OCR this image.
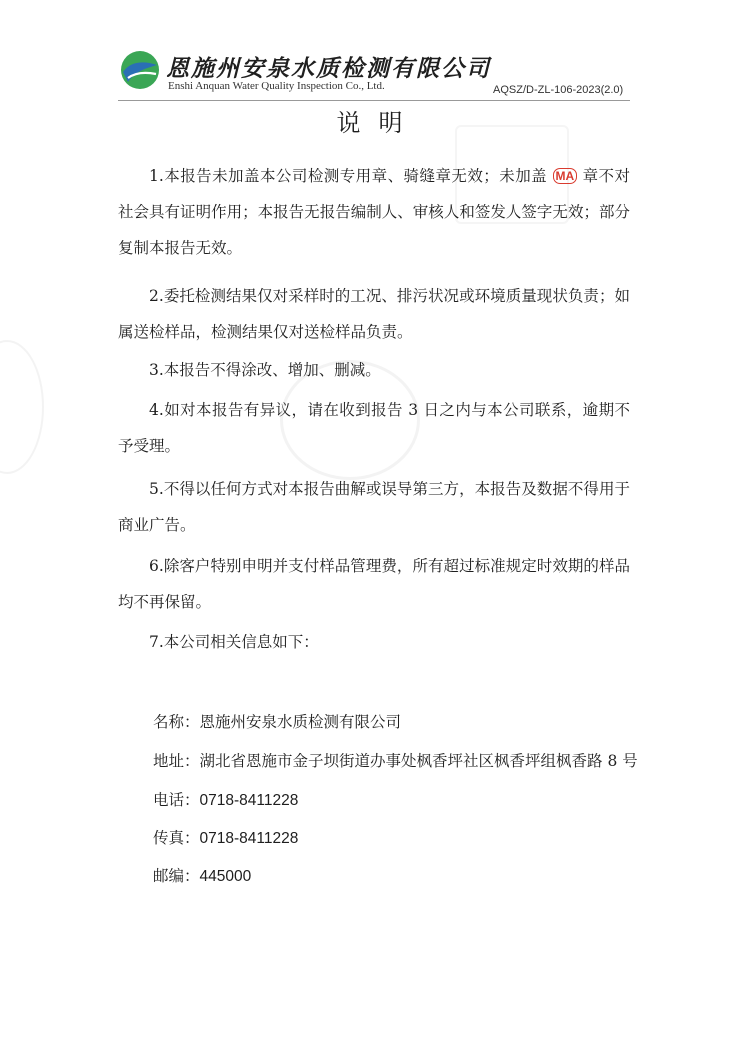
恩施州安泉水质检测有限公司
Enshi Anquan Water Quality Inspection Co., Ltd.	AQSZ/D-ZL-106-2023(2.0)
说明
1.本报告未加盖本公司检测专用章、骑缝章无效；未加盖 MA 章不对社会具有证明作用；本报告无报告编制人、审核人和签发人签字无效；部分复制本报告无效。
2.委托检测结果仅对采样时的工况、排污状况或环境质量现状负责；如属送检样品，检测结果仅对送检样品负责。
3.本报告不得涂改、增加、删减。
4.如对本报告有异议，请在收到报告 3 日之内与本公司联系，逾期不予受理。
5.不得以任何方式对本报告曲解或误导第三方，本报告及数据不得用于商业广告。
6.除客户特别申明并支付样品管理费，所有超过标准规定时效期的样品均不再保留。
7.本公司相关信息如下：
名称：恩施州安泉水质检测有限公司
地址：湖北省恩施市金子坝街道办事处枫香坪社区枫香坪组枫香路 8 号
电话：0718-8411228
传真：0718-8411228
邮编：445000
